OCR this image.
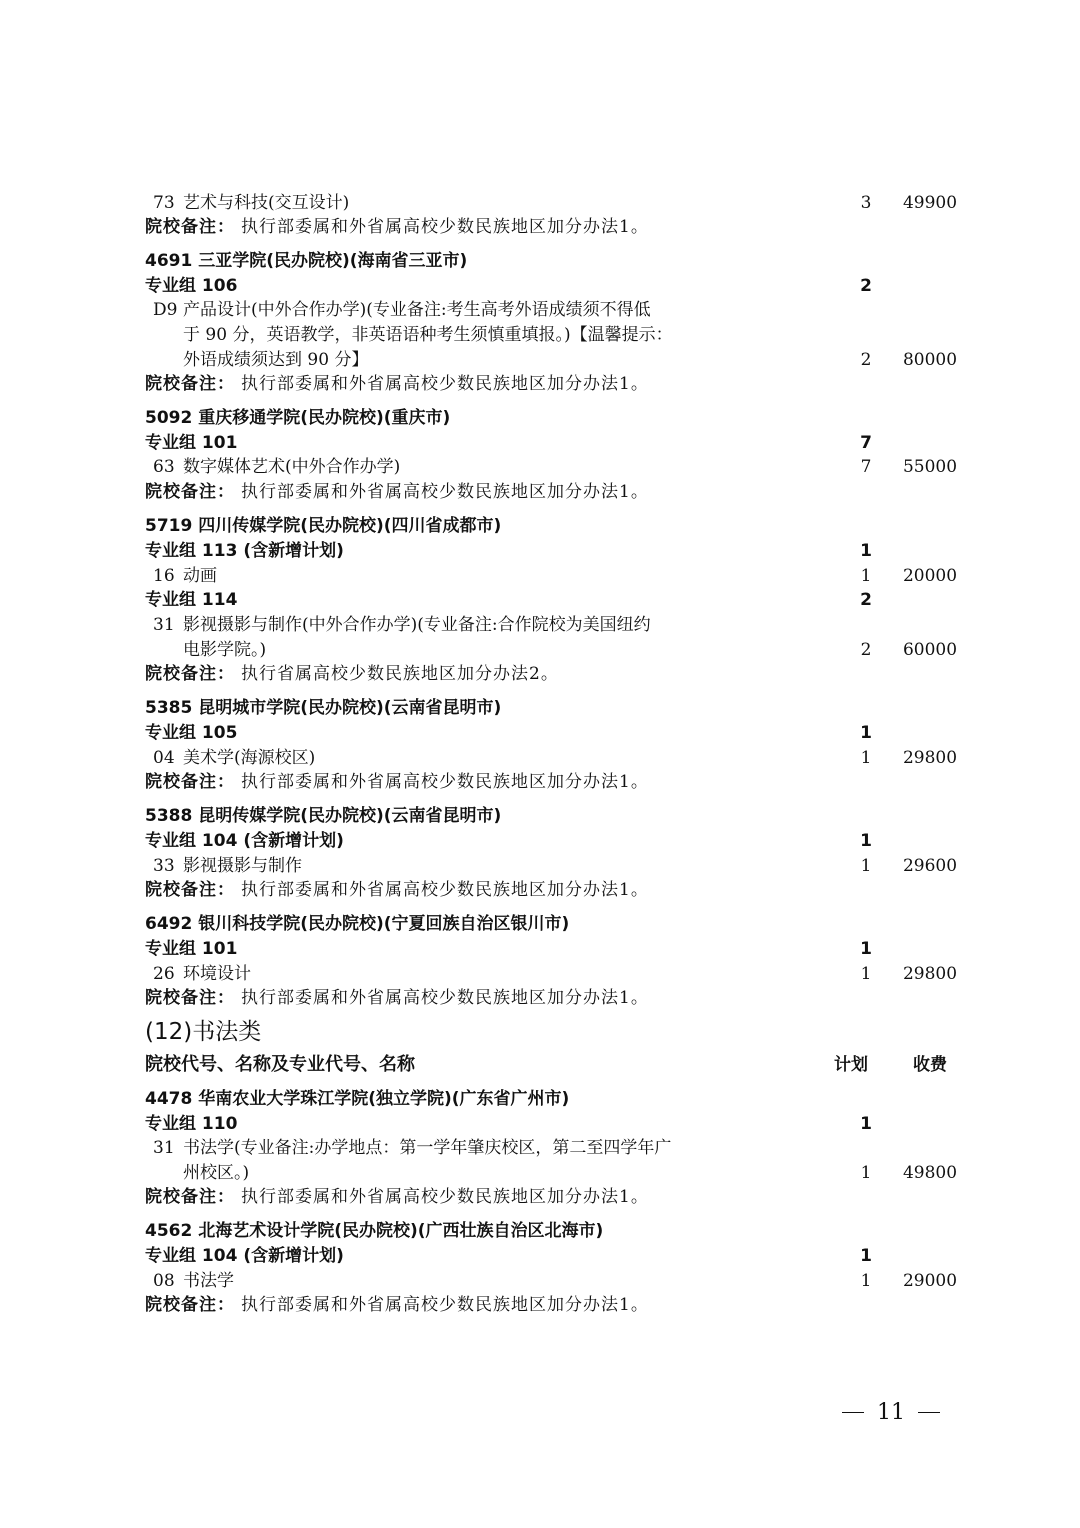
73 艺术与科技(交互设计)	3	49900
院校备注： 执行部委属和外省属高校少数民族地区加分办法1。
4691 三亚学院(民办院校)(海南省三亚市)
专业组 106	2
D9 产品设计(中外合作办学)(专业备注:考生高考外语成绩须不得低
于 90 分，英语教学，非英语语种考生须慎重填报。)【温馨提示：
外语成绩须达到 90 分】	2	80000
院校备注： 执行部委属和外省属高校少数民族地区加分办法1。
5092 重庆移通学院(民办院校)(重庆市)
专业组 101	7
63 数字媒体艺术(中外合作办学)	7	55000
院校备注： 执行部委属和外省属高校少数民族地区加分办法1。
5719 四川传媒学院(民办院校)(四川省成都市)
专业组 113 (含新增计划)	1
16 动画	1	20000
专业组 114	2
31 影视摄影与制作(中外合作办学)(专业备注:合作院校为美国纽约
电影学院。)	2	60000
院校备注： 执行省属高校少数民族地区加分办法2。
5385 昆明城市学院(民办院校)(云南省昆明市)
专业组 105	1
04 美术学(海源校区)	1	29800
院校备注： 执行部委属和外省属高校少数民族地区加分办法1。
5388 昆明传媒学院(民办院校)(云南省昆明市)
专业组 104 (含新增计划)	1
33 影视摄影与制作	1	29600
院校备注： 执行部委属和外省属高校少数民族地区加分办法1。
6492 银川科技学院(民办院校)(宁夏回族自治区银川市)
专业组 101	1
26 环境设计	1	29800
院校备注： 执行部委属和外省属高校少数民族地区加分办法1。
(12)书法类
院校代号、名称及专业代号、名称	计划	收费
4478 华南农业大学珠江学院(独立学院)(广东省广州市)
专业组 110	1
31 书法学(专业备注:办学地点：第一学年肇庆校区，第二至四学年广
州校区。)	1	49800
院校备注： 执行部委属和外省属高校少数民族地区加分办法1。
4562 北海艺术设计学院(民办院校)(广西壮族自治区北海市)
专业组 104 (含新增计划)	1
08 书法学	1	29000
院校备注： 执行部委属和外省属高校少数民族地区加分办法1。
11
